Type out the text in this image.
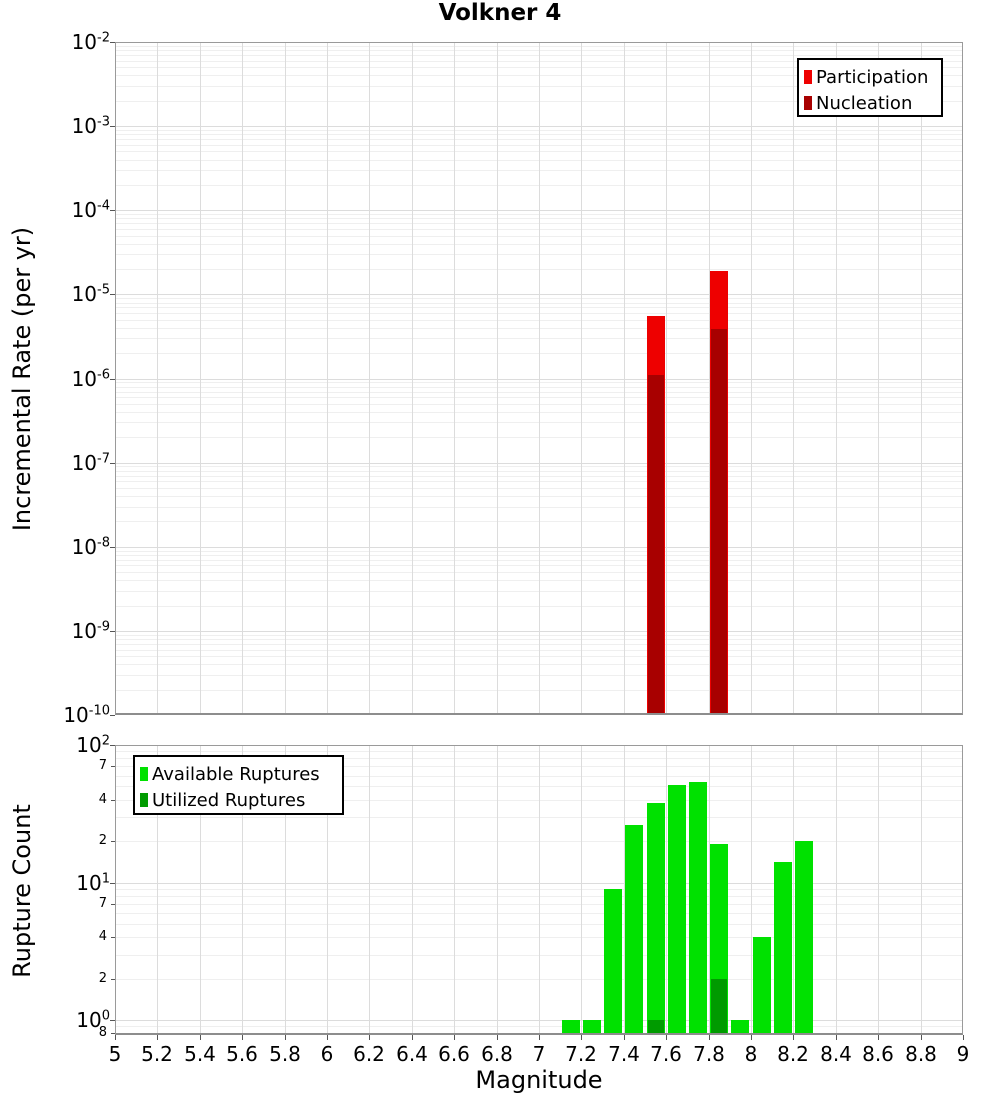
Volkner 4
Incremental Rate (per yr)
Rupture Count
$10^{-2}$
$10^{-3}$
$10^{-4}$
$10^{-5}$
$10^{-6}$
$10^{-7}$
$10^{-8}$
$10^{-9}$
$10^{-10}$
$10^2$
$10^1$
$10^0$
7
4
2
7
4
2
8
5 5.2 5.4 5.6 5.8 6 6.2 6.4 6.6 6.8 7 7.2 7.4 7.6 7.8 8 8.2 8.4 8.6 8.8 9
Magnitude
Participation
Nucleation
Available Ruptures
Utilized Ruptures
